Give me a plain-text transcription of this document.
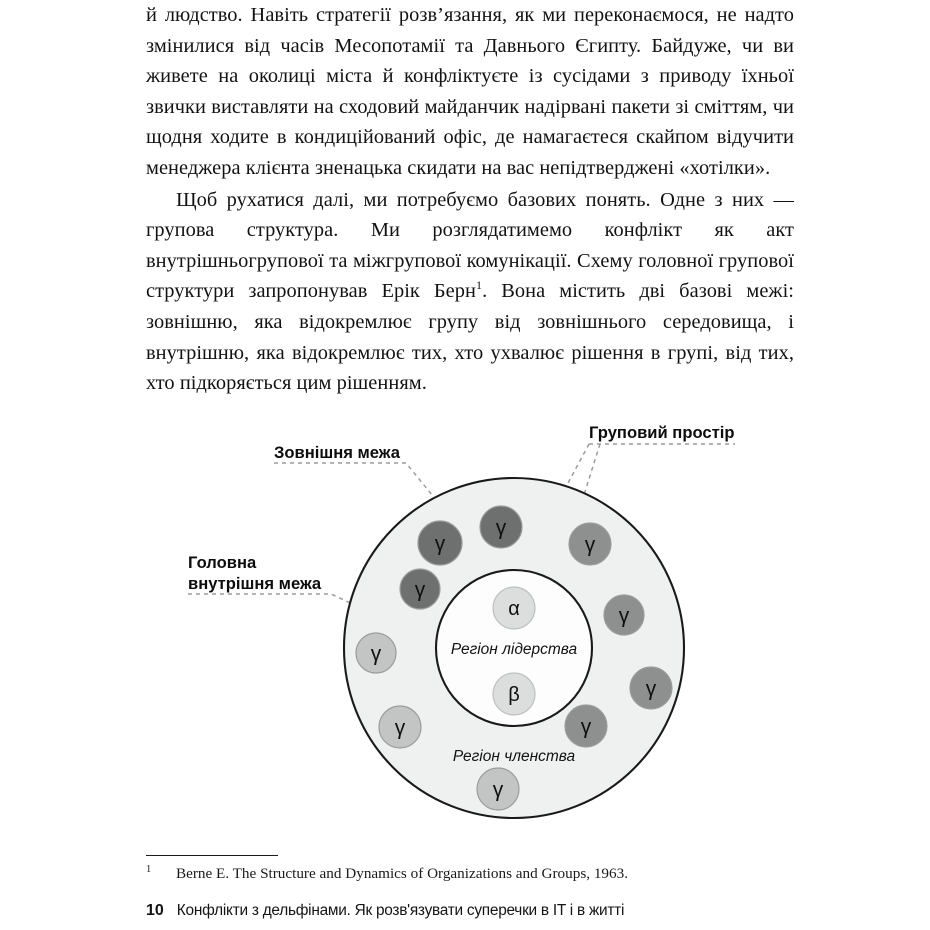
й людство. Навіть стратегії розв’язання, як ми переконаємося, не надто змінилися від часів Месопотамії та Давнього Єгипту. Байдуже, чи ви живете на околиці міста й конфліктуєте із сусідами з приводу їхньої звички виставляти на сходовий майданчик надірвані пакети зі сміттям, чи щодня ходите в кондиційований офіс, де намагаєтеся скайпом відучити менеджера клієнта зненацька скидати на вас непідтверджені «хотілки».

Щоб рухатися далі, ми потребуємо базових понять. Одне з них — групова структура. Ми розглядатимемо конфлікт як акт внутрішньогрупової та міжгрупової комунікації. Схему головної групової структури запропонував Ерік Берн$^1$. Вона містить дві базові межі: зовнішню, яка відокремлює групу від зовнішнього середовища, і внутрішню, яка відокремлює тих, хто ухвалює рішення в групі, від тих, хто підкоряється цим рішенням.

γ
γ
γ
γ
γ
γ
γ
γ	γ
γ
α
β
Регіон лідерства
Регіон членства
Зовнішня межа
Головна
внутрішня межа
Груповий простір
1 Berne E. The Structure and Dynamics of Organizations and Groups, 1963.
10 Конфлікти з дельфінами. Як розв'язувати суперечки в IT і в житті
